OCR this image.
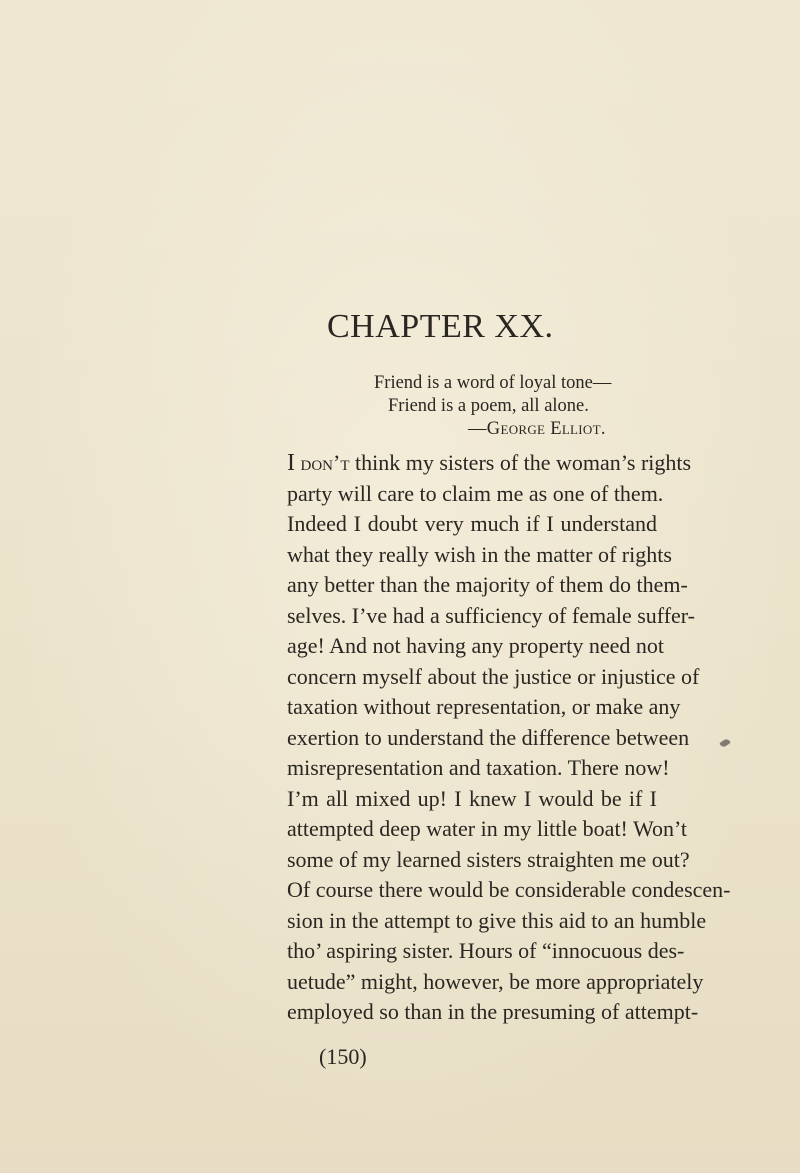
CHAPTER XX.
Friend is a word of loyal tone—
Friend is a poem, all alone.
—George Elliot.
I don’t think my sisters of the woman’s rights
party will care to claim me as one of them.
Indeed I doubt very much if I understand
what they really wish in the matter of rights
any better than the majority of them do them-
selves. I’ve had a sufficiency of female suffer-
age! And not having any property need not
concern myself about the justice or injustice of
taxation without representation, or make any
exertion to understand the difference between
misrepresentation and taxation. There now!
I’m all mixed up! I knew I would be if I
attempted deep water in my little boat! Won’t
some of my learned sisters straighten me out?
Of course there would be considerable condescen-
sion in the attempt to give this aid to an humble
tho’ aspiring sister. Hours of “innocuous des-
uetude” might, however, be more appropriately
employed so than in the presuming of attempt-
(150)
